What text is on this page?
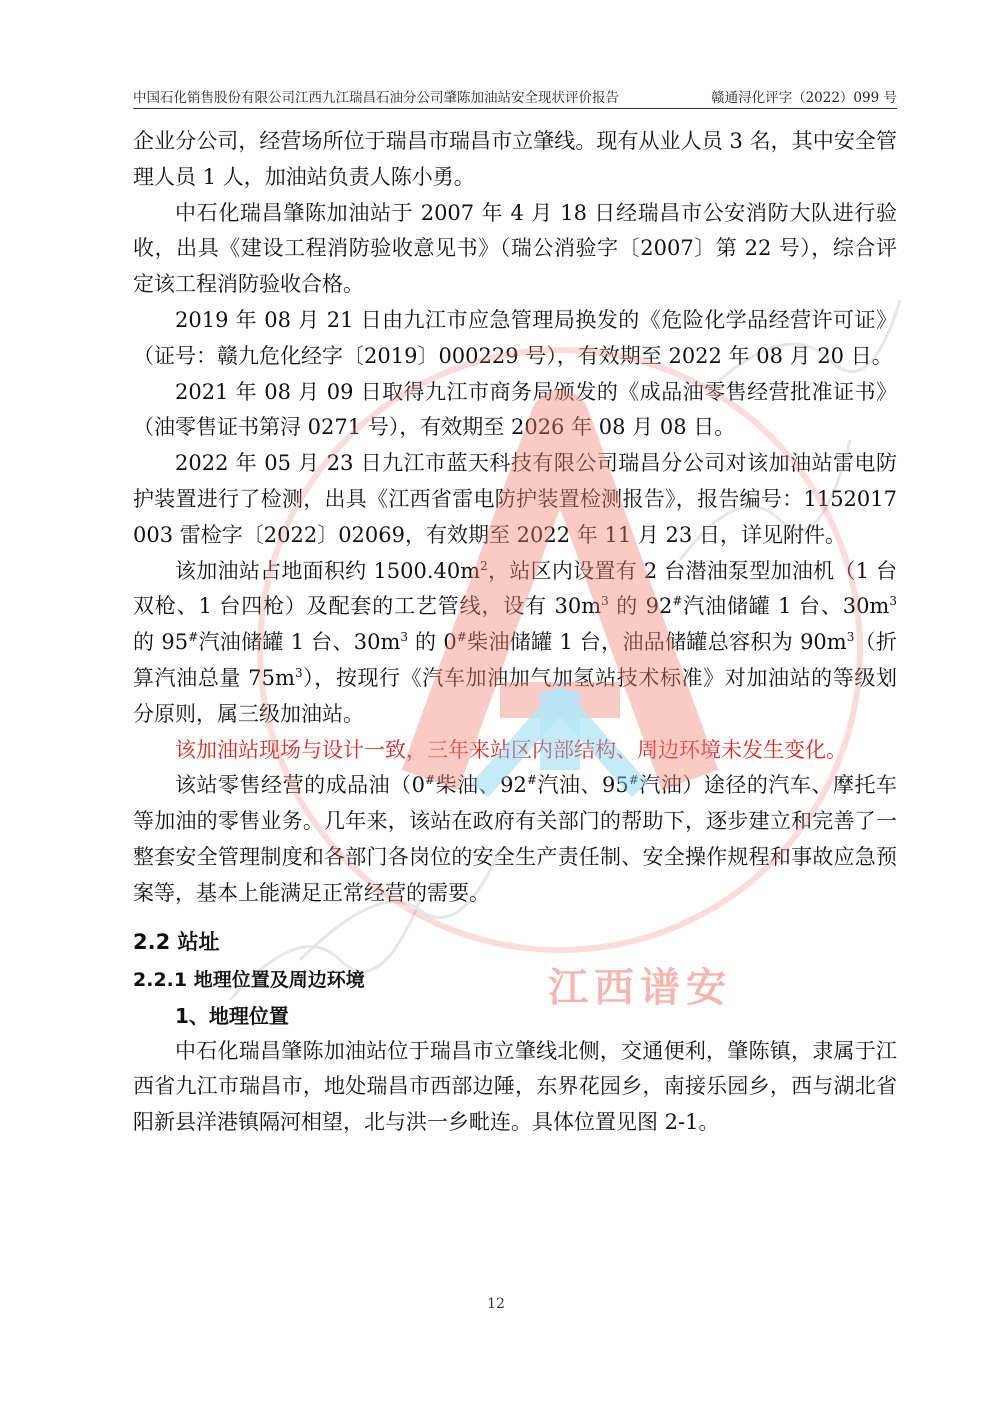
中国石化销售股份有限公司江西九江瑞昌石油分公司肇陈加油站安全现状评价报告	赣通浔化评字（2022）099 号

企业分公司，经营场所位于瑞昌市瑞昌市立肇线。现有从业人员 3 名，其中安全管理人员 1 人，加油站负责人陈小勇。

中石化瑞昌肇陈加油站于 2007 年 4 月 18 日经瑞昌市公安消防大队进行验收，出具《建设工程消防验收意见书》（瑞公消验字〔2007〕第 22 号），综合评定该工程消防验收合格。

2019 年 08 月 21 日由九江市应急管理局换发的《危险化学品经营许可证》（证号：赣九危化经字〔2019〕000229 号），有效期至 2022 年 08 月 20 日。

2021 年 08 月 09 日取得九江市商务局颁发的《成品油零售经营批准证书》（油零售证书第浔 0271 号），有效期至 2026 年 08 月 08 日。

2022 年 05 月 23 日九江市蓝天科技有限公司瑞昌分公司对该加油站雷电防护装置进行了检测，出具《江西省雷电防护装置检测报告》，报告编号：1152017003 雷检字〔2022〕02069，有效期至 2022 年 11 月 23 日，详见附件。

该加油站占地面积约 $1500.40m^2$，站区内设置有 2 台潜油泵型加油机（1 台双枪、1 台四枪）及配套的工艺管线，设有 $30m^3$ 的 92#汽油储罐 1 台、$30m^3$ 的 95#汽油储罐 1 台、$30m^3$ 的 0#柴油储罐 1 台，油品储罐总容积为 $90m^3$（折算汽油总量 $75m^3$），按现行《汽车加油加气加氢站技术标准》对加油站的等级划分原则，属三级加油站。

该加油站现场与设计一致，三年来站区内部结构、周边环境未发生变化。

该站零售经营的成品油（0#柴油、92#汽油、95#汽油）途径的汽车、摩托车等加油的零售业务。几年来，该站在政府有关部门的帮助下，逐步建立和完善了一整套安全管理制度和各部门各岗位的安全生产责任制、安全操作规程和事故应急预案等，基本上能满足正常经营的需要。

2.2 站址
2.2.1 地理位置及周边环境
1、地理位置

中石化瑞昌肇陈加油站位于瑞昌市立肇线北侧，交通便利，肇陈镇，隶属于江西省九江市瑞昌市，地处瑞昌市西部边陲，东界花园乡，南接乐园乡，西与湖北省阳新县洋港镇隔河相望，北与洪一乡毗连。具体位置见图 2-1。

12
江西谱安
